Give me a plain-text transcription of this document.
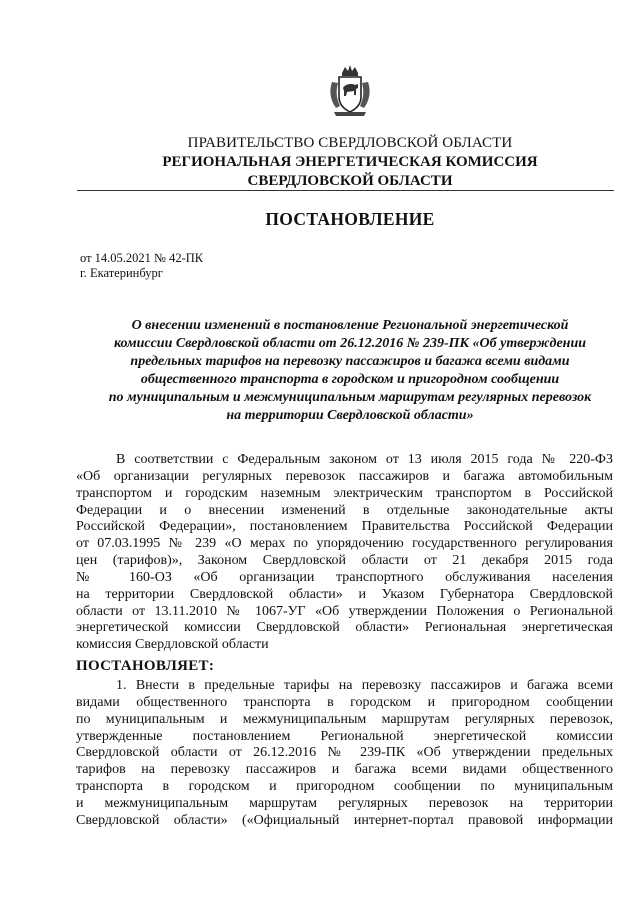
ПРАВИТЕЛЬСТВО СВЕРДЛОВСКОЙ ОБЛАСТИ
РЕГИОНАЛЬНАЯ ЭНЕРГЕТИЧЕСКАЯ КОМИССИЯ
СВЕРДЛОВСКОЙ ОБЛАСТИ
ПОСТАНОВЛЕНИЕ
от 14.05.2021 № 42-ПК
г. Екатеринбург
О внесении изменений в постановление Региональной энергетической
комиссии Свердловской области от 26.12.2016 № 239-ПК «Об утверждении
предельных тарифов на перевозку пассажиров и багажа всеми видами
общественного транспорта в городском и пригородном сообщении
по муниципальным и межмуниципальным маршрутам регулярных перевозок
на территории Свердловской области»
В соответствии с Федеральным законом от 13 июля 2015 года № 220-ФЗ
«Об организации регулярных перевозок пассажиров и багажа автомобильным
транспортом и городским наземным электрическим транспортом в Российской
Федерации и о внесении изменений в отдельные законодательные акты
Российской Федерации», постановлением Правительства Российской Федерации
от 07.03.1995 № 239 «О мерах по упорядочению государственного регулирования
цен (тарифов)», Законом Свердловской области от 21 декабря 2015 года
№ 160-ОЗ «Об организации транспортного обслуживания населения
на территории Свердловской области» и Указом Губернатора Свердловской
области от 13.11.2010 № 1067-УГ «Об утверждении Положения о Региональной
энергетической комиссии Свердловской области» Региональная энергетическая
комиссия Свердловской области
ПОСТАНОВЛЯЕТ:
1. Внести в предельные тарифы на перевозку пассажиров и багажа всеми
видами общественного транспорта в городском и пригородном сообщении
по муниципальным и межмуниципальным маршрутам регулярных перевозок,
утвержденные постановлением Региональной энергетической комиссии
Свердловской области от 26.12.2016 № 239-ПК «Об утверждении предельных
тарифов на перевозку пассажиров и багажа всеми видами общественного
транспорта в городском и пригородном сообщении по муниципальным
и межмуниципальным маршрутам регулярных перевозок на территории
Свердловской области» («Официальный интернет-портал правовой информации
